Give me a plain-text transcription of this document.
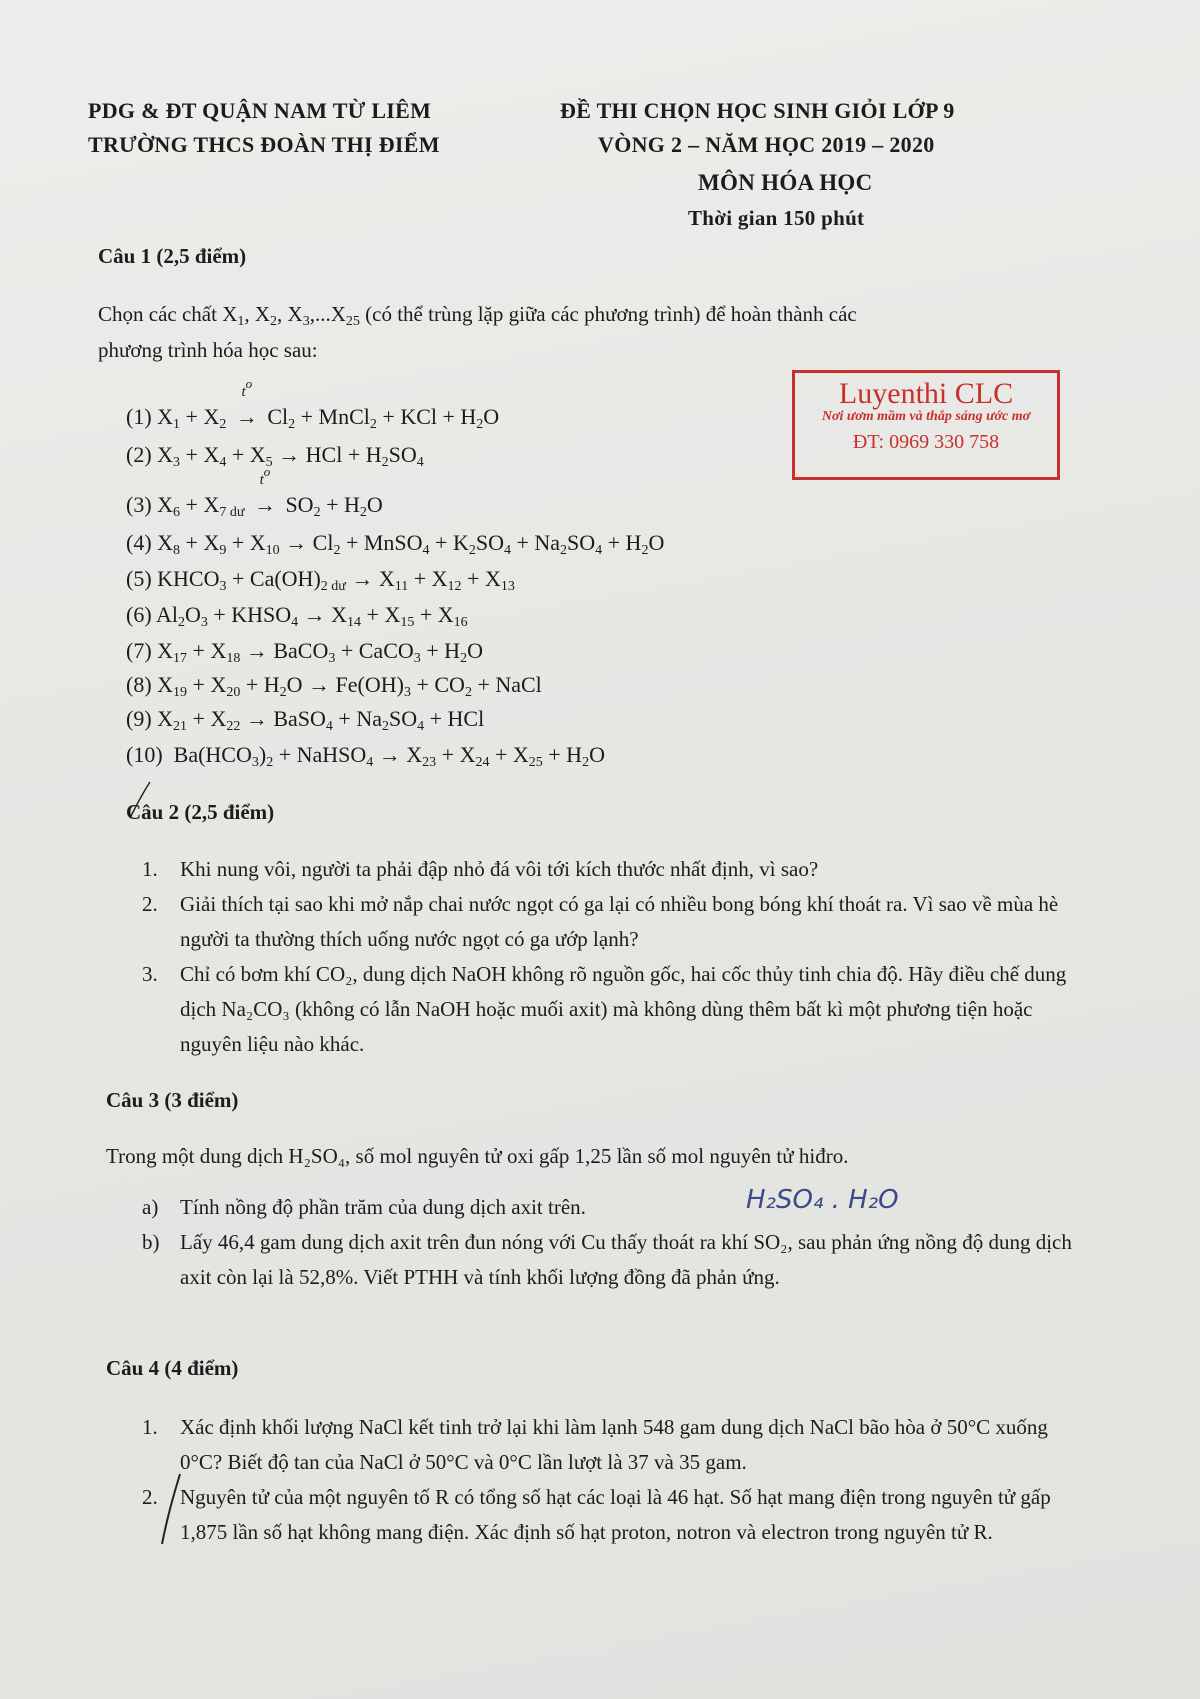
PDG & ĐT QUẬN NAM TỪ LIÊM
TRƯỜNG THCS ĐOÀN THỊ ĐIỂM
ĐỀ THI CHỌN HỌC SINH GIỎI LỚP 9
VÒNG 2 – NĂM HỌC 2019 – 2020
MÔN HÓA HỌC
Thời gian 150 phút
Câu 1 (2,5 điểm)
Chọn các chất $X_1$, $X_2$, $X_3,...X_{25}$ (có thể trùng lặp giữa các phương trình) để hoàn thành các
phương trình hóa học sau:
Luyenthi CLC
Nơi ươm mầm và thắp sáng ước mơ
ĐT: 0969 330 758
(1) $X_1 + X_2$ →
$t^o$
$Cl_2$ + MnCl$_2$ + KCl + $H_2O$
(2) $X_3 + X_4 + X_5$ → HCl + $H_2SO_4$
(3) $X_6 + X_{7 dư}$ →
$t^o$
$SO_2 + H_2O$
(4) $X_8 + X_9 + X_{10} \to Cl_2$ + MnSO$_4$ + $K_2SO_4 + Na_2SO_4 + H_2O$
(5) $KHCO_3 + Ca(OH)_{2 dư} \to X_{11} + X_{12} + X_{13}$
(6) $Al_2O_3$ + $KHSO_4 \to X_{14} + X_{15} + X_{16}$
(7) $X_{17} + X_{18}$ → BaCO$_3$ + CaCO$_3$ + $H_2O$
(8) $X_{19} + X_{20} + H_2O \to Fe(OH)_3 + CO_2$ + NaCl
(9) $X_{21} + X_{22}$ → BaSO$_4$ + $Na_2SO_4$ + HCl
(10)  $Ba(HCO_3)_2$ + NaHSO$_4$ → $X_{23} + X_{24} + X_{25} + H_2O$
Câu 2 (2,5 điểm)
1. Khi nung vôi, người ta phải đập nhỏ đá vôi tới kích thước nhất định, vì sao?
2. Giải thích tại sao khi mở nắp chai nước ngọt có ga lại có nhiều bong bóng khí thoát ra. Vì sao về mùa hè người ta thường thích uống nước ngọt có ga ướp lạnh?
3. Chỉ có bơm khí CO₂, dung dịch NaOH không rõ nguồn gốc, hai cốc thủy tinh chia độ. Hãy điều chế dung dịch Na₂CO₃ (không có lẫn NaOH hoặc muối axit) mà không dùng thêm bất kì một phương tiện hoặc nguyên liệu nào khác.
Câu 3 (3 điểm)
Trong một dung dịch H₂SO₄, số mol nguyên tử oxi gấp 1,25 lần số mol nguyên tử hiđro.
a) Tính nồng độ phần trăm của dung dịch axit trên.
b) Lấy 46,4 gam dung dịch axit trên đun nóng với Cu thấy thoát ra khí SO₂, sau phản ứng nồng độ dung dịch axit còn lại là 52,8%. Viết PTHH và tính khối lượng đồng đã phản ứng.
H₂SO₄ . H₂O
Câu 4 (4 điểm)
1. Xác định khối lượng NaCl kết tinh trở lại khi làm lạnh 548 gam dung dịch NaCl bão hòa ở 50°C xuống 0°C? Biết độ tan của NaCl ở 50°C và 0°C lần lượt là 37 và 35 gam.
2. Nguyên tử của một nguyên tố R có tổng số hạt các loại là 46 hạt. Số hạt mang điện trong nguyên tử gấp 1,875 lần số hạt không mang điện. Xác định số hạt proton, notron và electron trong nguyên tử R.
